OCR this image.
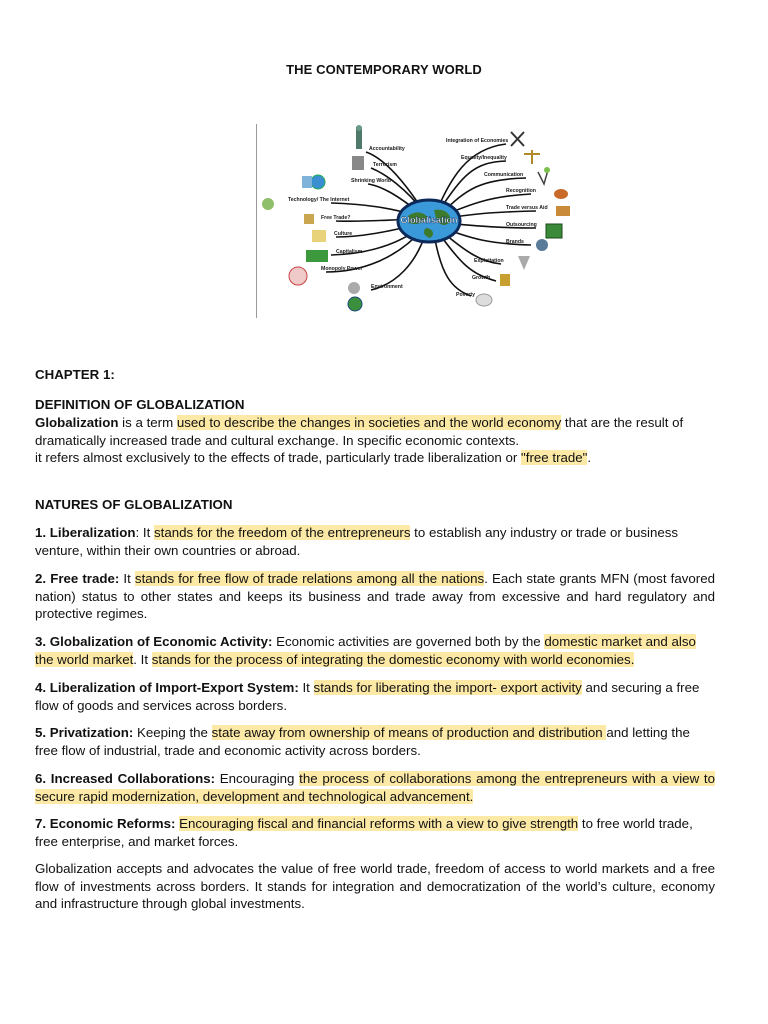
THE CONTEMPORARY WORLD
Globalisation
Accountability
Terrorism
Shrinking World
Technology/ The Internet
Free Trade?
Culture
Capitalism
Monopoly Power
Environment
Integration of Economies
Equality/Inequality
Communication
Recognition
Trade versus Aid
Outsourcing
Brands
Exploitation
Growth
Poverty
CHAPTER 1:
DEFINITION OF GLOBALIZATION
Globalization is a term used to describe the changes in societies and the world economy that are the result of dramatically increased trade and cultural exchange. In specific economic contexts.
it refers almost exclusively to the effects of trade, particularly trade liberalization or "free trade".
NATURES OF GLOBALIZATION
1. Liberalization: It stands for the freedom of the entrepreneurs to establish any industry or trade or business venture, within their own countries or abroad.
2. Free trade: It stands for free flow of trade relations among all the nations. Each state grants MFN (most favored nation) status to other states and keeps its business and trade away from excessive and hard regulatory and protective regimes.
3. Globalization of Economic Activity: Economic activities are governed both by the domestic market and also the world market. It stands for the process of integrating the domestic economy with world economies.
4. Liberalization of Import-Export System: It stands for liberating the import- export activity and securing a free flow of goods and services across borders.
5. Privatization: Keeping the state away from ownership of means of production and distribution and letting the free flow of industrial, trade and economic activity across borders.
6. Increased Collaborations: Encouraging the process of collaborations among the entrepreneurs with a view to secure rapid modernization, development and technological advancement.
7. Economic Reforms: Encouraging fiscal and financial reforms with a view to give strength to free world trade, free enterprise, and market forces.
Globalization accepts and advocates the value of free world trade, freedom of access to world markets and a free flow of investments across borders. It stands for integration and democratization of the world’s culture, economy and infrastructure through global investments.
